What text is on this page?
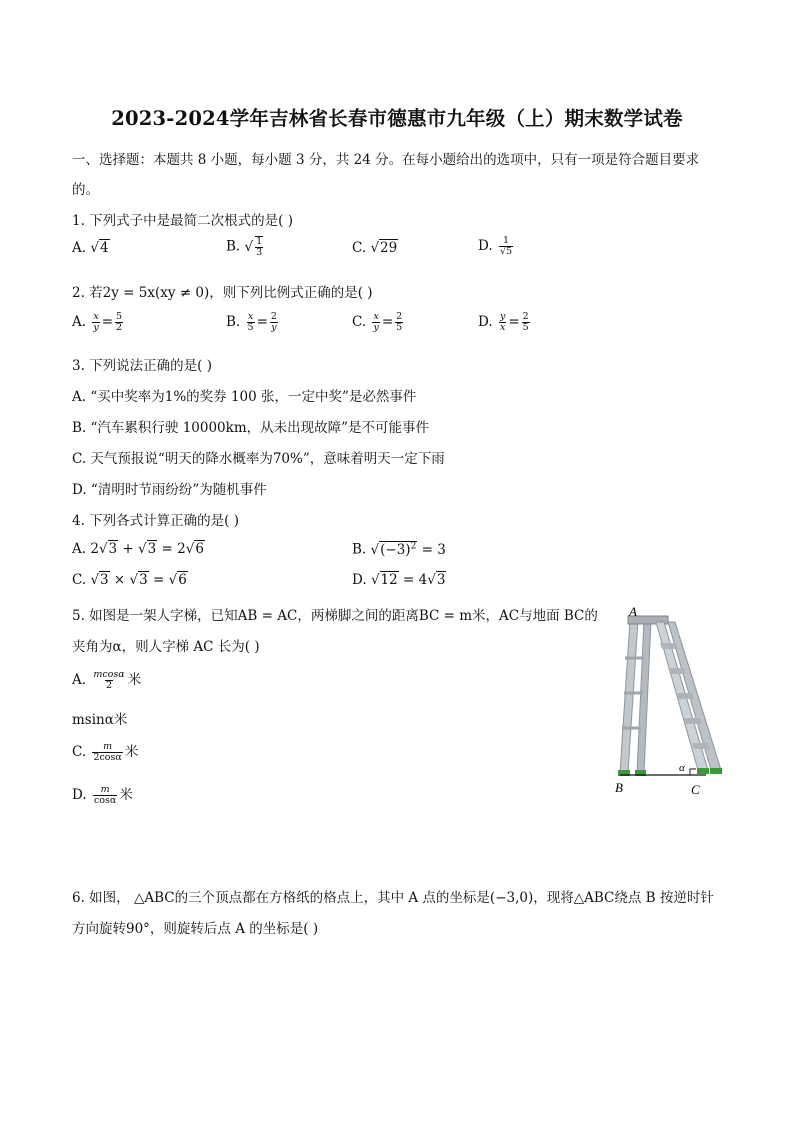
2023-2024学年吉林省长春市德惠市九年级（上）期末数学试卷
一、选择题：本题共 8 小题，每小题 3 分，共 24 分。在每小题给出的选项中，只有一项是符合题目要求
的。
1. 下列式子中是最简二次根式的是( )
A. √4	B. √ $\frac{1}{3}$	C. √29	D. $\frac{1}{√5}$
2. 若2y = 5x(xy ≠ 0)，则下列比例式正确的是( )
A. $\frac{x}{y} = \frac{5}{2}$	B. $\frac{x}{5} = \frac{2}{y}$	C. $\frac{x}{y} = \frac{2}{5}$	D. $\frac{y}{x} = \frac{2}{5}$
3. 下列说法正确的是( )
A. “买中奖率为1%的奖券 100 张，一定中奖”是必然事件
B. “汽车累积行驶 10000km，从未出现故障”是不可能事件
C. 天气预报说“明天的降水概率为70%”，意味着明天一定下雨
D. “清明时节雨纷纷”为随机事件
4. 下列各式计算正确的是( )
A. 2√3 + √3 = 2√6	B. $√(-3)^2 = 3$
C. √3 × √3 = √6	D. √12 = 4√3
5. 如图是一架人字梯，已知AB = AC，两梯脚之间的距离BC = m米，AC与地面 BC的
夹角为α，则人字梯 AC 长为( )
A. $\frac{mcos\alpha}{2}$ 米
msinα米
C. $\frac{m}{2\cos\alpha}$ 米
D. $\frac{m}{\cos\alpha}$ 米
A
B	C
α
6. 如图， △ABC的三个顶点都在方格纸的格点上，其中 A 点的坐标是(−3,0)，现将△ABC绕点 B 按逆时针
方向旋转90°，则旋转后点 A 的坐标是( )
